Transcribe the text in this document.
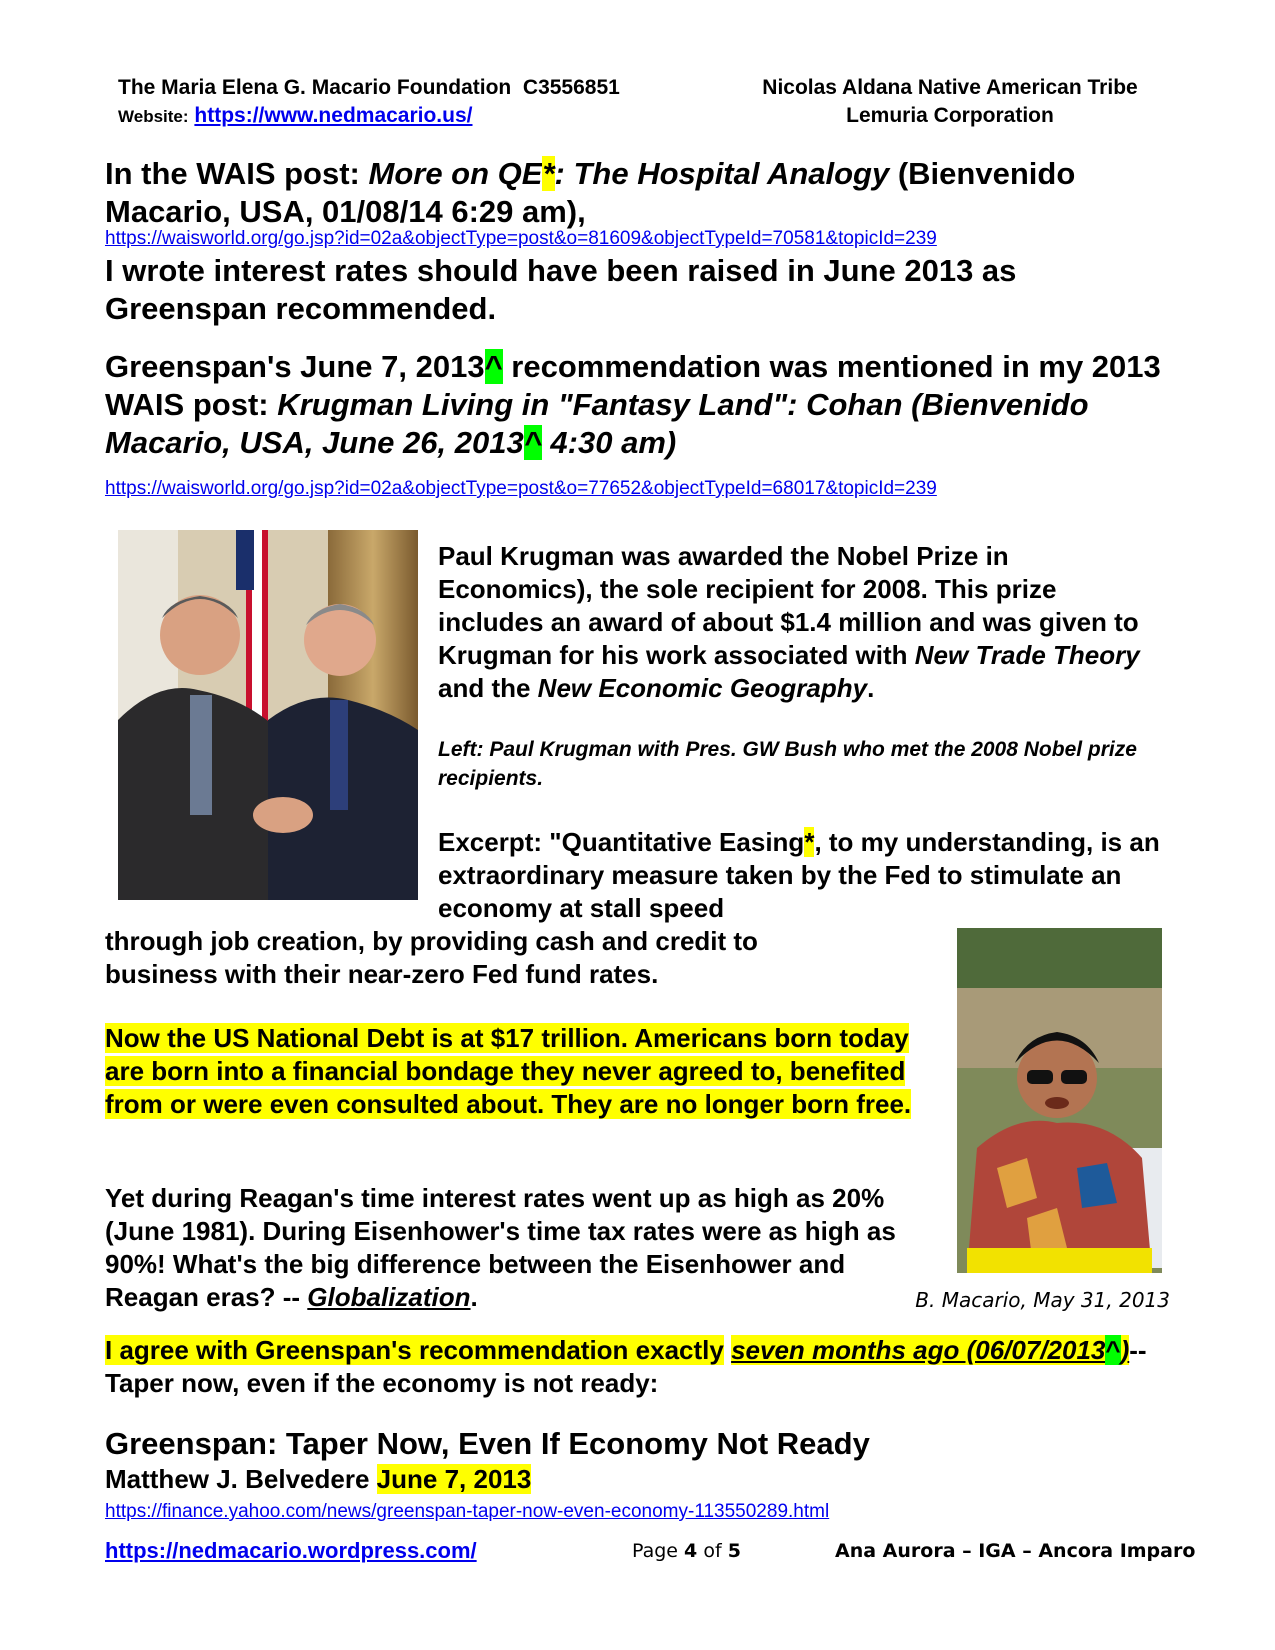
The Maria Elena G. Macario Foundation C3556851
Website: https://www.nedmacario.us/
Nicolas Aldana Native American Tribe
Lemuria Corporation
In the WAIS post: More on QE*: The Hospital Analogy (Bienvenido Macario, USA, 01/08/14 6:29 am),
https://waisworld.org/go.jsp?id=02a&objectType=post&o=81609&objectTypeId=70581&topicId=239
I wrote interest rates should have been raised in June 2013 as Greenspan recommended.
Greenspan's June 7, 2013^ recommendation was mentioned in my 2013 WAIS post: Krugman Living in "Fantasy Land": Cohan (Bienvenido Macario, USA, June 26, 2013^ 4:30 am)
https://waisworld.org/go.jsp?id=02a&objectType=post&o=77652&objectTypeId=68017&topicId=239
Paul Krugman was awarded the Nobel Prize in Economics), the sole recipient for 2008. This prize includes an award of about $1.4 million and was given to Krugman for his work associated with New Trade Theory and the New Economic Geography.
Left: Paul Krugman with Pres. GW Bush who met the 2008 Nobel prize recipients.
Excerpt: "Quantitative Easing*, to my understanding, is an extraordinary measure taken by the Fed to stimulate an economy at stall speed
through job creation, by providing cash and credit to business with their near-zero Fed fund rates.
Now the US National Debt is at $17 trillion. Americans born today are born into a financial bondage they never agreed to, benefited from or were even consulted about. They are no longer born free.
Yet during Reagan's time interest rates went up as high as 20% (June 1981). During Eisenhower's time tax rates were as high as 90%! What's the big difference between the Eisenhower and Reagan eras? -- Globalization.	B. Macario, May 31, 2013
I agree with Greenspan's recommendation exactly seven months ago (06/07/2013^)--Taper now, even if the economy is not ready:
Greenspan: Taper Now, Even If Economy Not Ready
Matthew J. Belvedere June 7, 2013
https://finance.yahoo.com/news/greenspan-taper-now-even-economy-113550289.html
https://nedmacario.wordpress.com/	Page 4 of 5	Ana Aurora – IGA – Ancora Imparo
